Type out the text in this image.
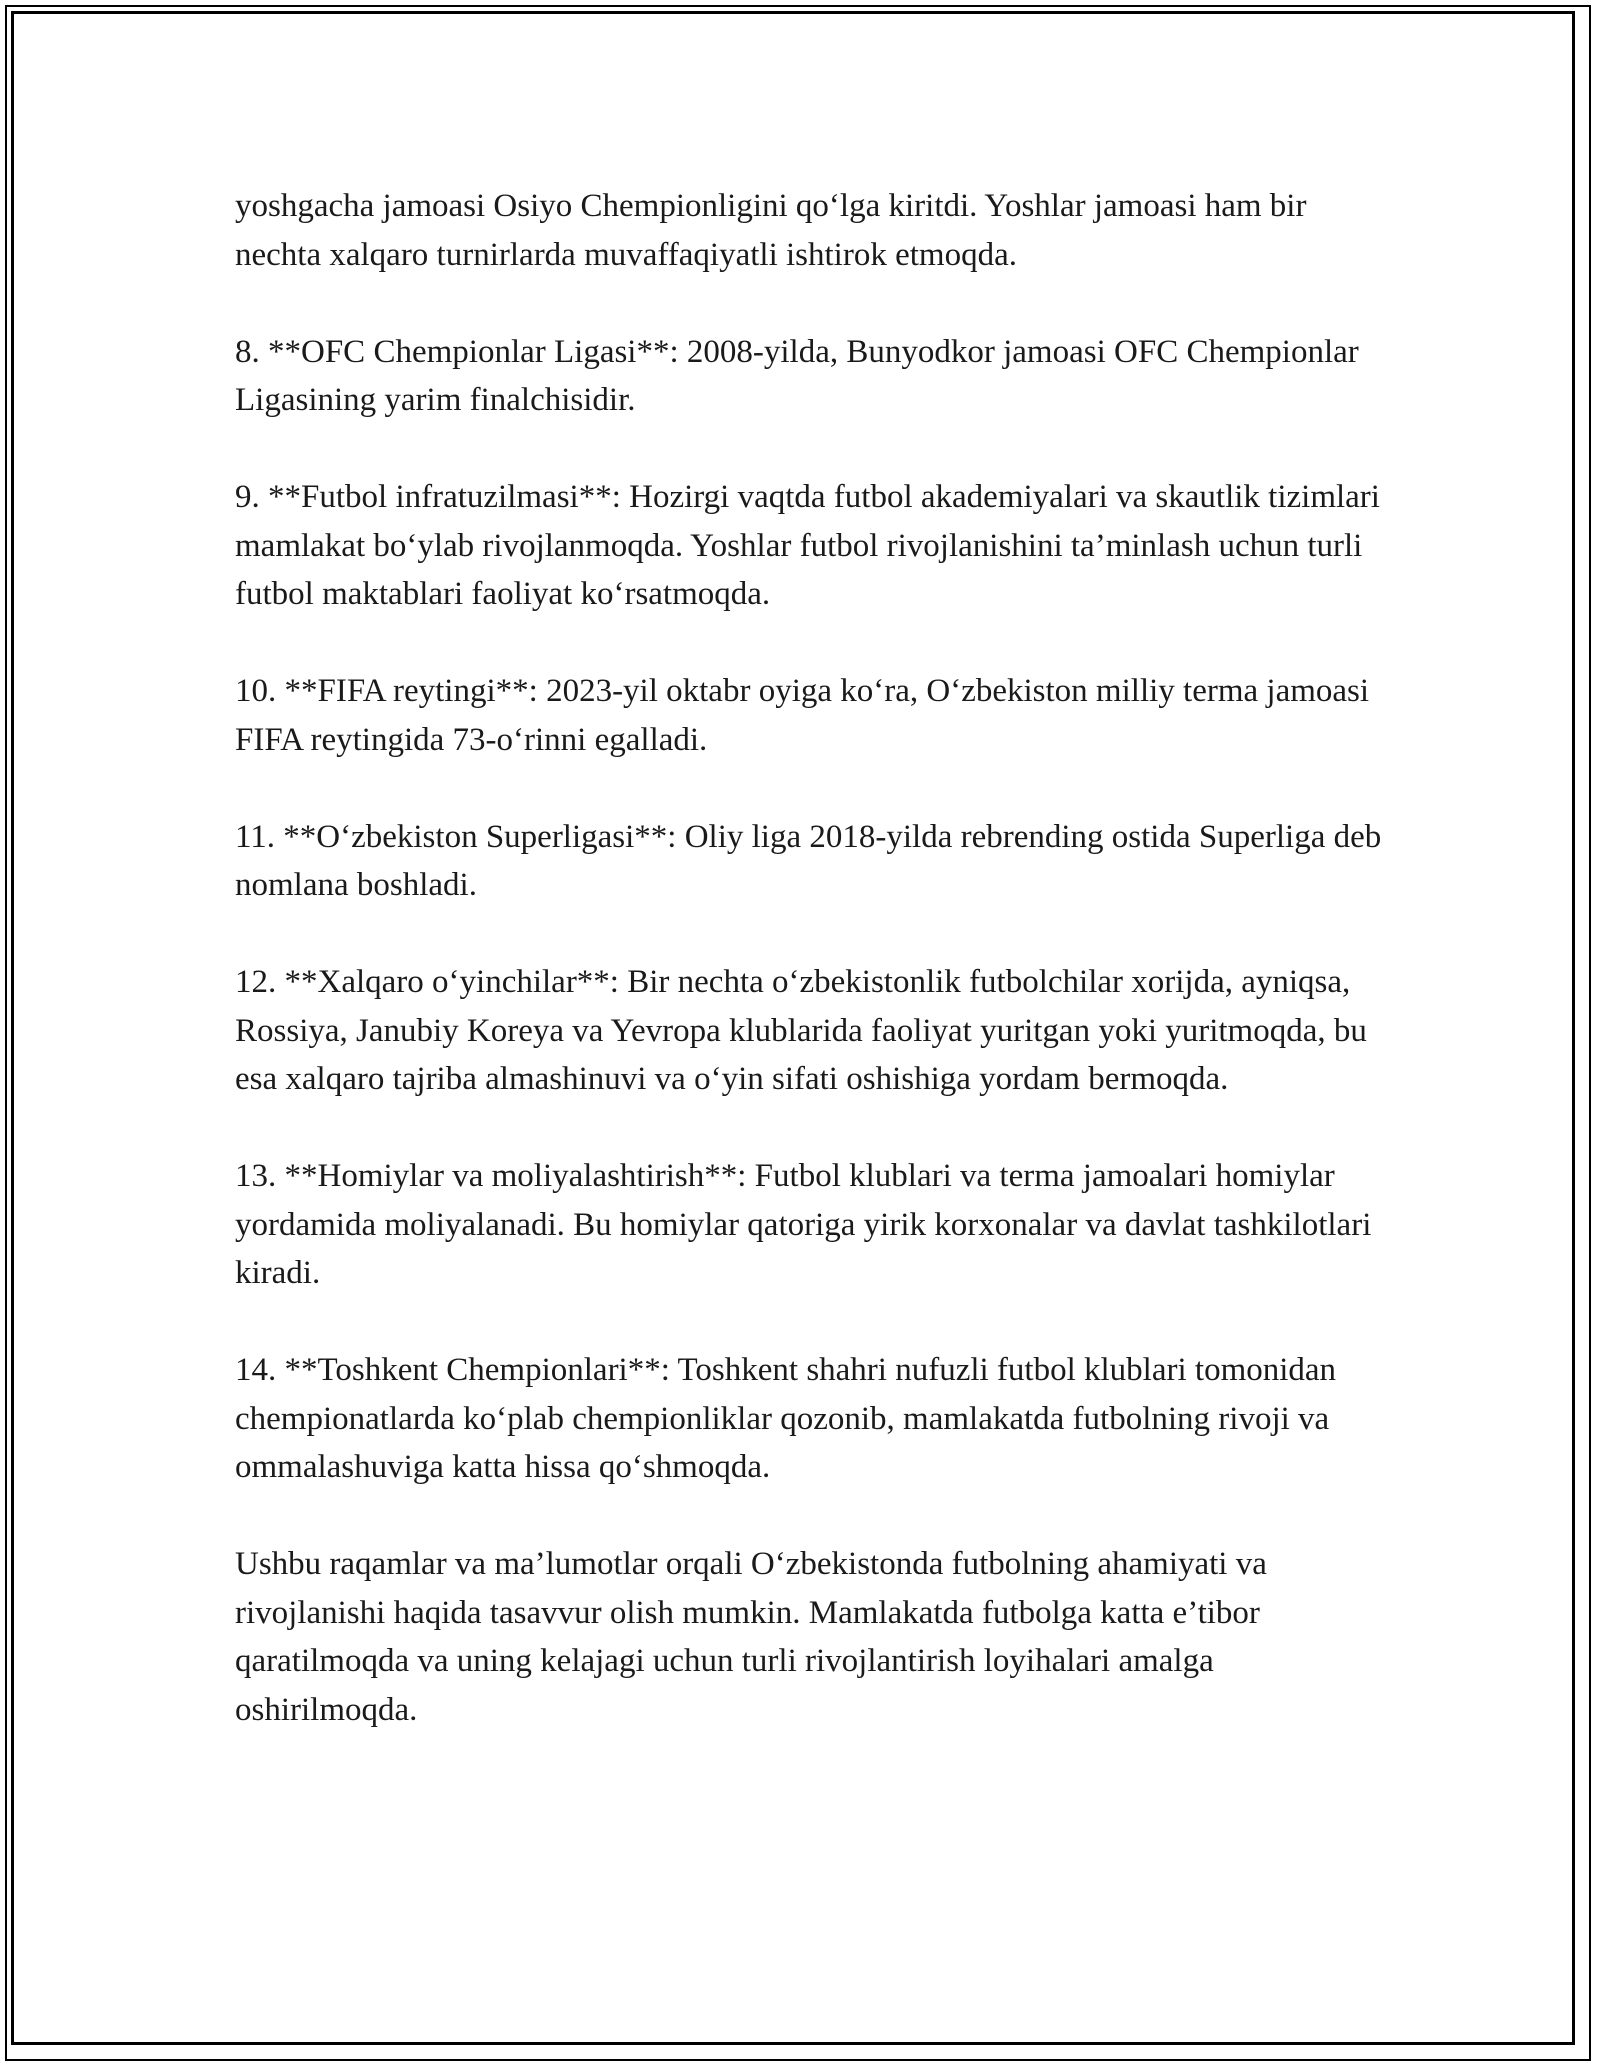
yoshgacha jamoasi Osiyo Chempionligini qo‘lga kiritdi. Yoshlar jamoasi ham bir nechta xalqaro turnirlarda muvaffaqiyatli ishtirok etmoqda.

8. **OFC Chempionlar Ligasi**: 2008-yilda, Bunyodkor jamoasi OFC Chempionlar Ligasining yarim finalchisidir.

9. **Futbol infratuzilmasi**: Hozirgi vaqtda futbol akademiyalari va skautlik tizimlari mamlakat bo‘ylab rivojlanmoqda. Yoshlar futbol rivojlanishini ta’minlash uchun turli futbol maktablari faoliyat ko‘rsatmoqda.

10. **FIFA reytingi**: 2023-yil oktabr oyiga ko‘ra, O‘zbekiston milliy terma jamoasi FIFA reytingida 73-o‘rinni egalladi.

11. **O‘zbekiston Superligasi**: Oliy liga 2018-yilda rebrending ostida Superliga deb nomlana boshladi.

12. **Xalqaro o‘yinchilar**: Bir nechta o‘zbekistonlik futbolchilar xorijda, ayniqsa, Rossiya, Janubiy Koreya va Yevropa klublarida faoliyat yuritgan yoki yuritmoqda, bu esa xalqaro tajriba almashinuvi va o‘yin sifati oshishiga yordam bermoqda.

13. **Homiylar va moliyalashtirish**: Futbol klublari va terma jamoalari homiylar yordamida moliyalanadi. Bu homiylar qatoriga yirik korxonalar va davlat tashkilotlari kiradi.

14. **Toshkent Chempionlari**: Toshkent shahri nufuzli futbol klublari tomonidan chempionatlarda ko‘plab chempionliklar qozonib, mamlakatda futbolning rivoji va ommalashuviga katta hissa qo‘shmoqda.

Ushbu raqamlar va ma’lumotlar orqali O‘zbekistonda futbolning ahamiyati va rivojlanishi haqida tasavvur olish mumkin. Mamlakatda futbolga katta e’tibor qaratilmoqda va uning kelajagi uchun turli rivojlantirish loyihalari amalga oshirilmoqda.
